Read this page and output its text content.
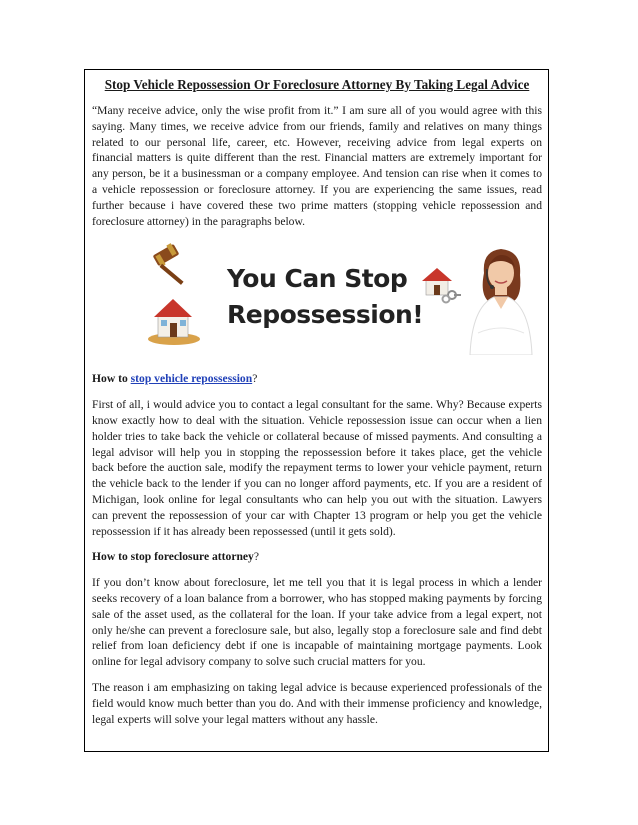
Stop Vehicle Repossession Or Foreclosure Attorney By Taking Legal Advice

“Many receive advice, only the wise profit from it.” I am sure all of you would agree with this saying. Many times, we receive advice from our friends, family and relatives on many things related to our personal life, career, etc. However, receiving advice from legal experts on financial matters is quite different than the rest. Financial matters are extremely important for any person, be it a businessman or a company employee. And tension can rise when it comes to a vehicle repossession or foreclosure attorney. If you are experiencing the same issues, read further because i have covered these two prime matters (stopping vehicle repossession and foreclosure attorney) in the paragraphs below.

You Can Stop
Repossession!
How to stop vehicle repossession?

First of all, i would advice you to contact a legal consultant for the same. Why? Because experts know exactly how to deal with the situation. Vehicle repossession issue can occur when a lien holder tries to take back the vehicle or collateral because of missed payments. And consulting a legal advisor will help you in stopping the repossession before it takes place, get the vehicle back before the auction sale, modify the repayment terms to lower your vehicle payment, return the vehicle back to the lender if you can no longer afford payments, etc. If you are a resident of Michigan, look online for legal consultants who can help you out with the situation. Lawyers can prevent the repossession of your car with Chapter 13 program or help you get the vehicle repossession if it has already been repossessed (until it gets sold).

How to stop foreclosure attorney?

If you don’t know about foreclosure, let me tell you that it is legal process in which a lender seeks recovery of a loan balance from a borrower, who has stopped making payments by forcing sale of the asset used, as the collateral for the loan. If your take advice from a legal expert, not only he/she can prevent a foreclosure sale, but also, legally stop a foreclosure sale and find debt relief from loan deficiency debt if one is incapable of maintaining mortgage payments. Look online for legal advisory company to solve such crucial matters for you.

The reason i am emphasizing on taking legal advice is because experienced professionals of the field would know much better than you do. And with their immense proficiency and knowledge, legal experts will solve your legal matters without any hassle.
